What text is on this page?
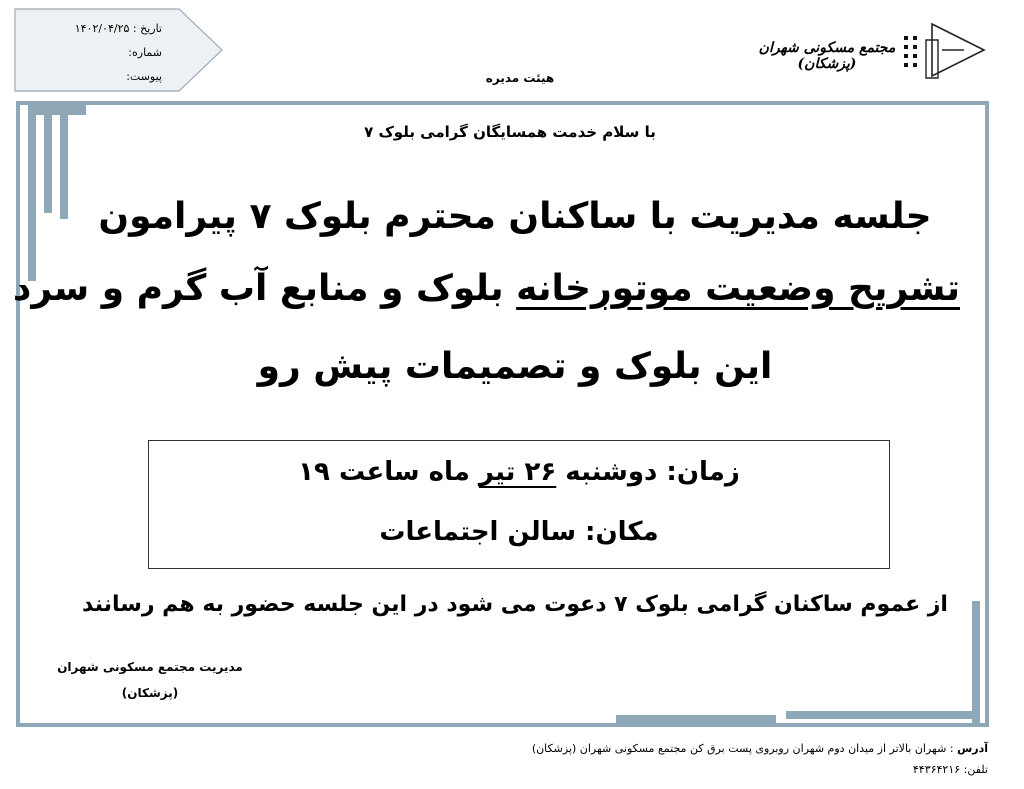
تاریخ : ۱۴۰۲/۰۴/۲۵
شماره:
پیوست:	هیئت مدیره
مجتمع مسکونی شهران (پزشکان)
با سلام خدمت همسایگان گرامی بلوک ۷
جلسه مدیریت با ساکنان محترم بلوک ۷ پیرامون
تشریح وضعیت موتورخانه بلوک و منابع آب گرم و سرد
این بلوک و تصمیمات پیش رو
زمان: دوشنبه ۲۶ تیر ماه ساعت ۱۹
مکان: سالن اجتماعات
از عموم ساکنان گرامی بلوک ۷ دعوت می شود در این جلسه حضور به هم رسانند
مدیریت مجتمع مسکونی شهران
(پزشکان)
آدرس : شهران بالاتر از میدان دوم شهران روبروی پست برق کن مجتمع مسکونی شهران (پزشکان)
تلفن: ۴۴۳۶۴۲۱۶
